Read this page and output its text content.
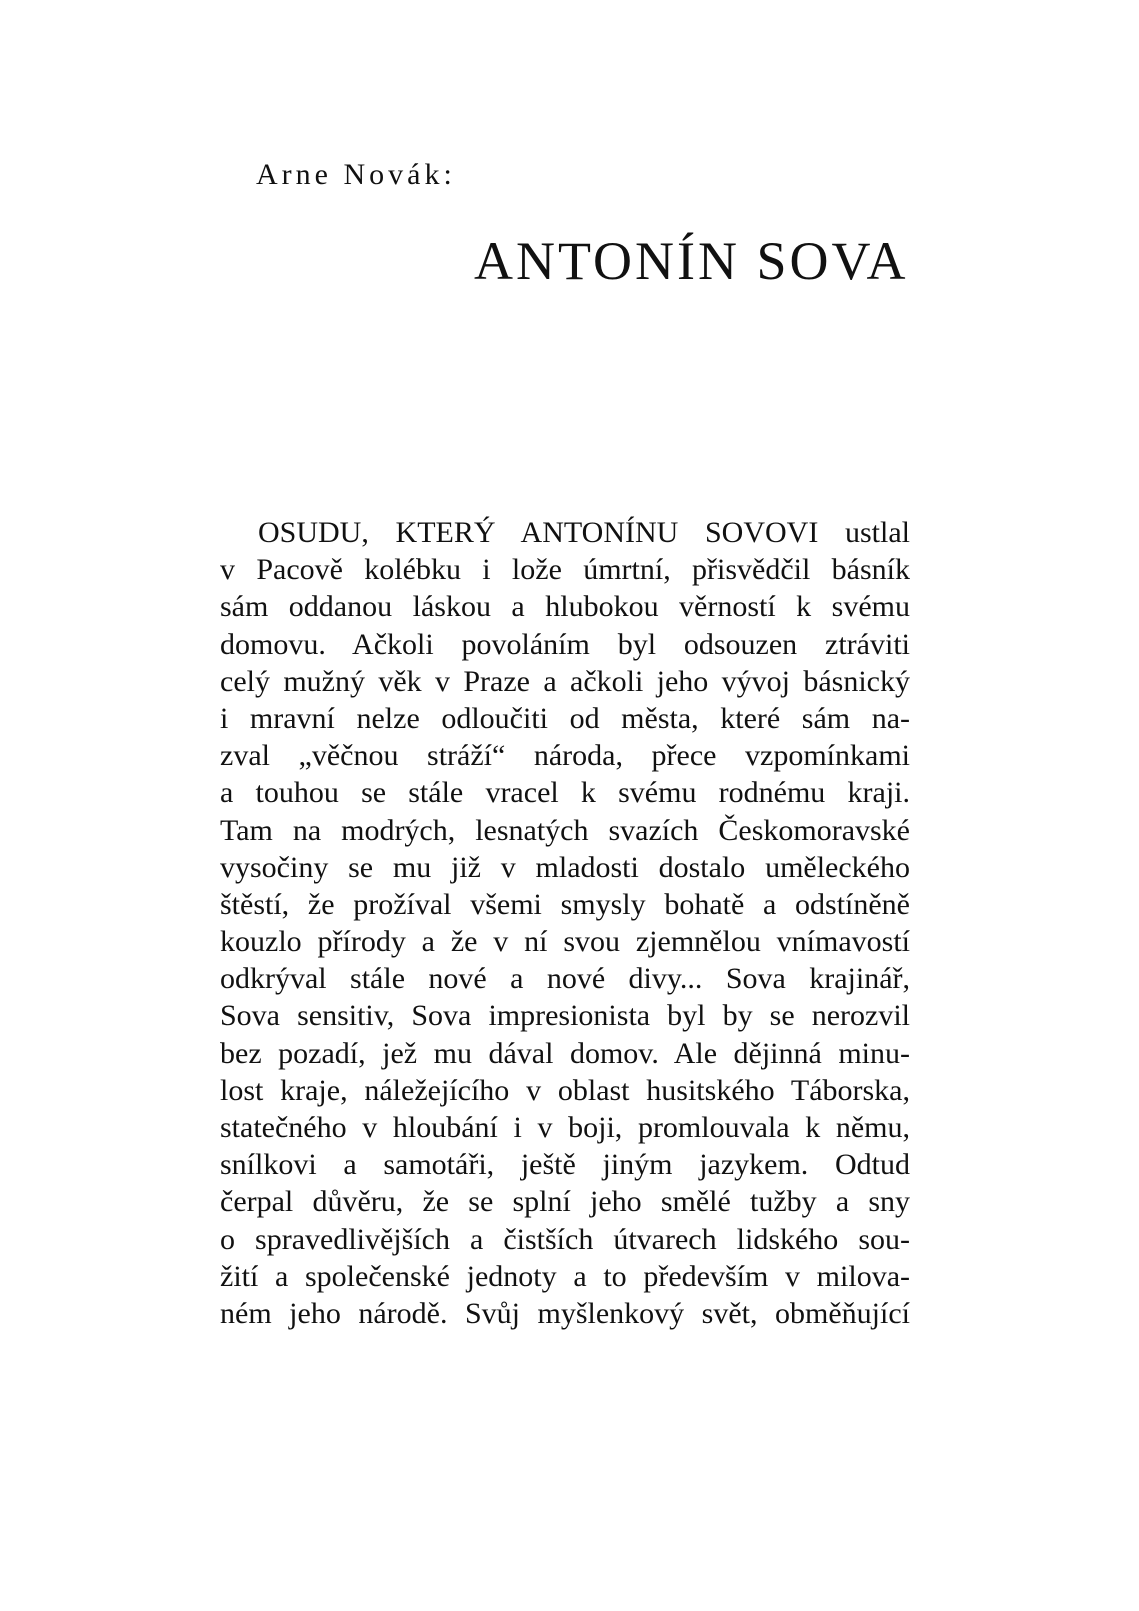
Arne Novák:
ANTONÍN SOVA
OSUDU, KTERÝ ANTONÍNU SOVOVI ustlal
v Pacově kolébku i lože úmrtní, přisvědčil básník
sám oddanou láskou a hlubokou věrností k svému
domovu. Ačkoli povoláním byl odsouzen ztráviti
celý mužný věk v Praze a ačkoli jeho vývoj básnický
i mravní nelze odloučiti od města, které sám na-
zval „věčnou stráží“ národa, přece vzpomínkami
a touhou se stále vracel k svému rodnému kraji.
Tam na modrých, lesnatých svazích Českomoravské
vysočiny se mu již v mladosti dostalo uměleckého
štěstí, že prožíval všemi smysly bohatě a odstíněně
kouzlo přírody a že v ní svou zjemnělou vnímavostí
odkrýval stále nové a nové divy... Sova krajinář,
Sova sensitiv, Sova impresionista byl by se nerozvil
bez pozadí, jež mu dával domov. Ale dějinná minu-
lost kraje, náležejícího v oblast husitského Táborska,
statečného v hloubání i v boji, promlouvala k němu,
snílkovi a samotáři, ještě jiným jazykem. Odtud
čerpal důvěru, že se splní jeho smělé tužby a sny
o spravedlivějších a čistších útvarech lidského sou-
žití a společenské jednoty a to především v milova-
ném jeho národě. Svůj myšlenkový svět, obměňující
